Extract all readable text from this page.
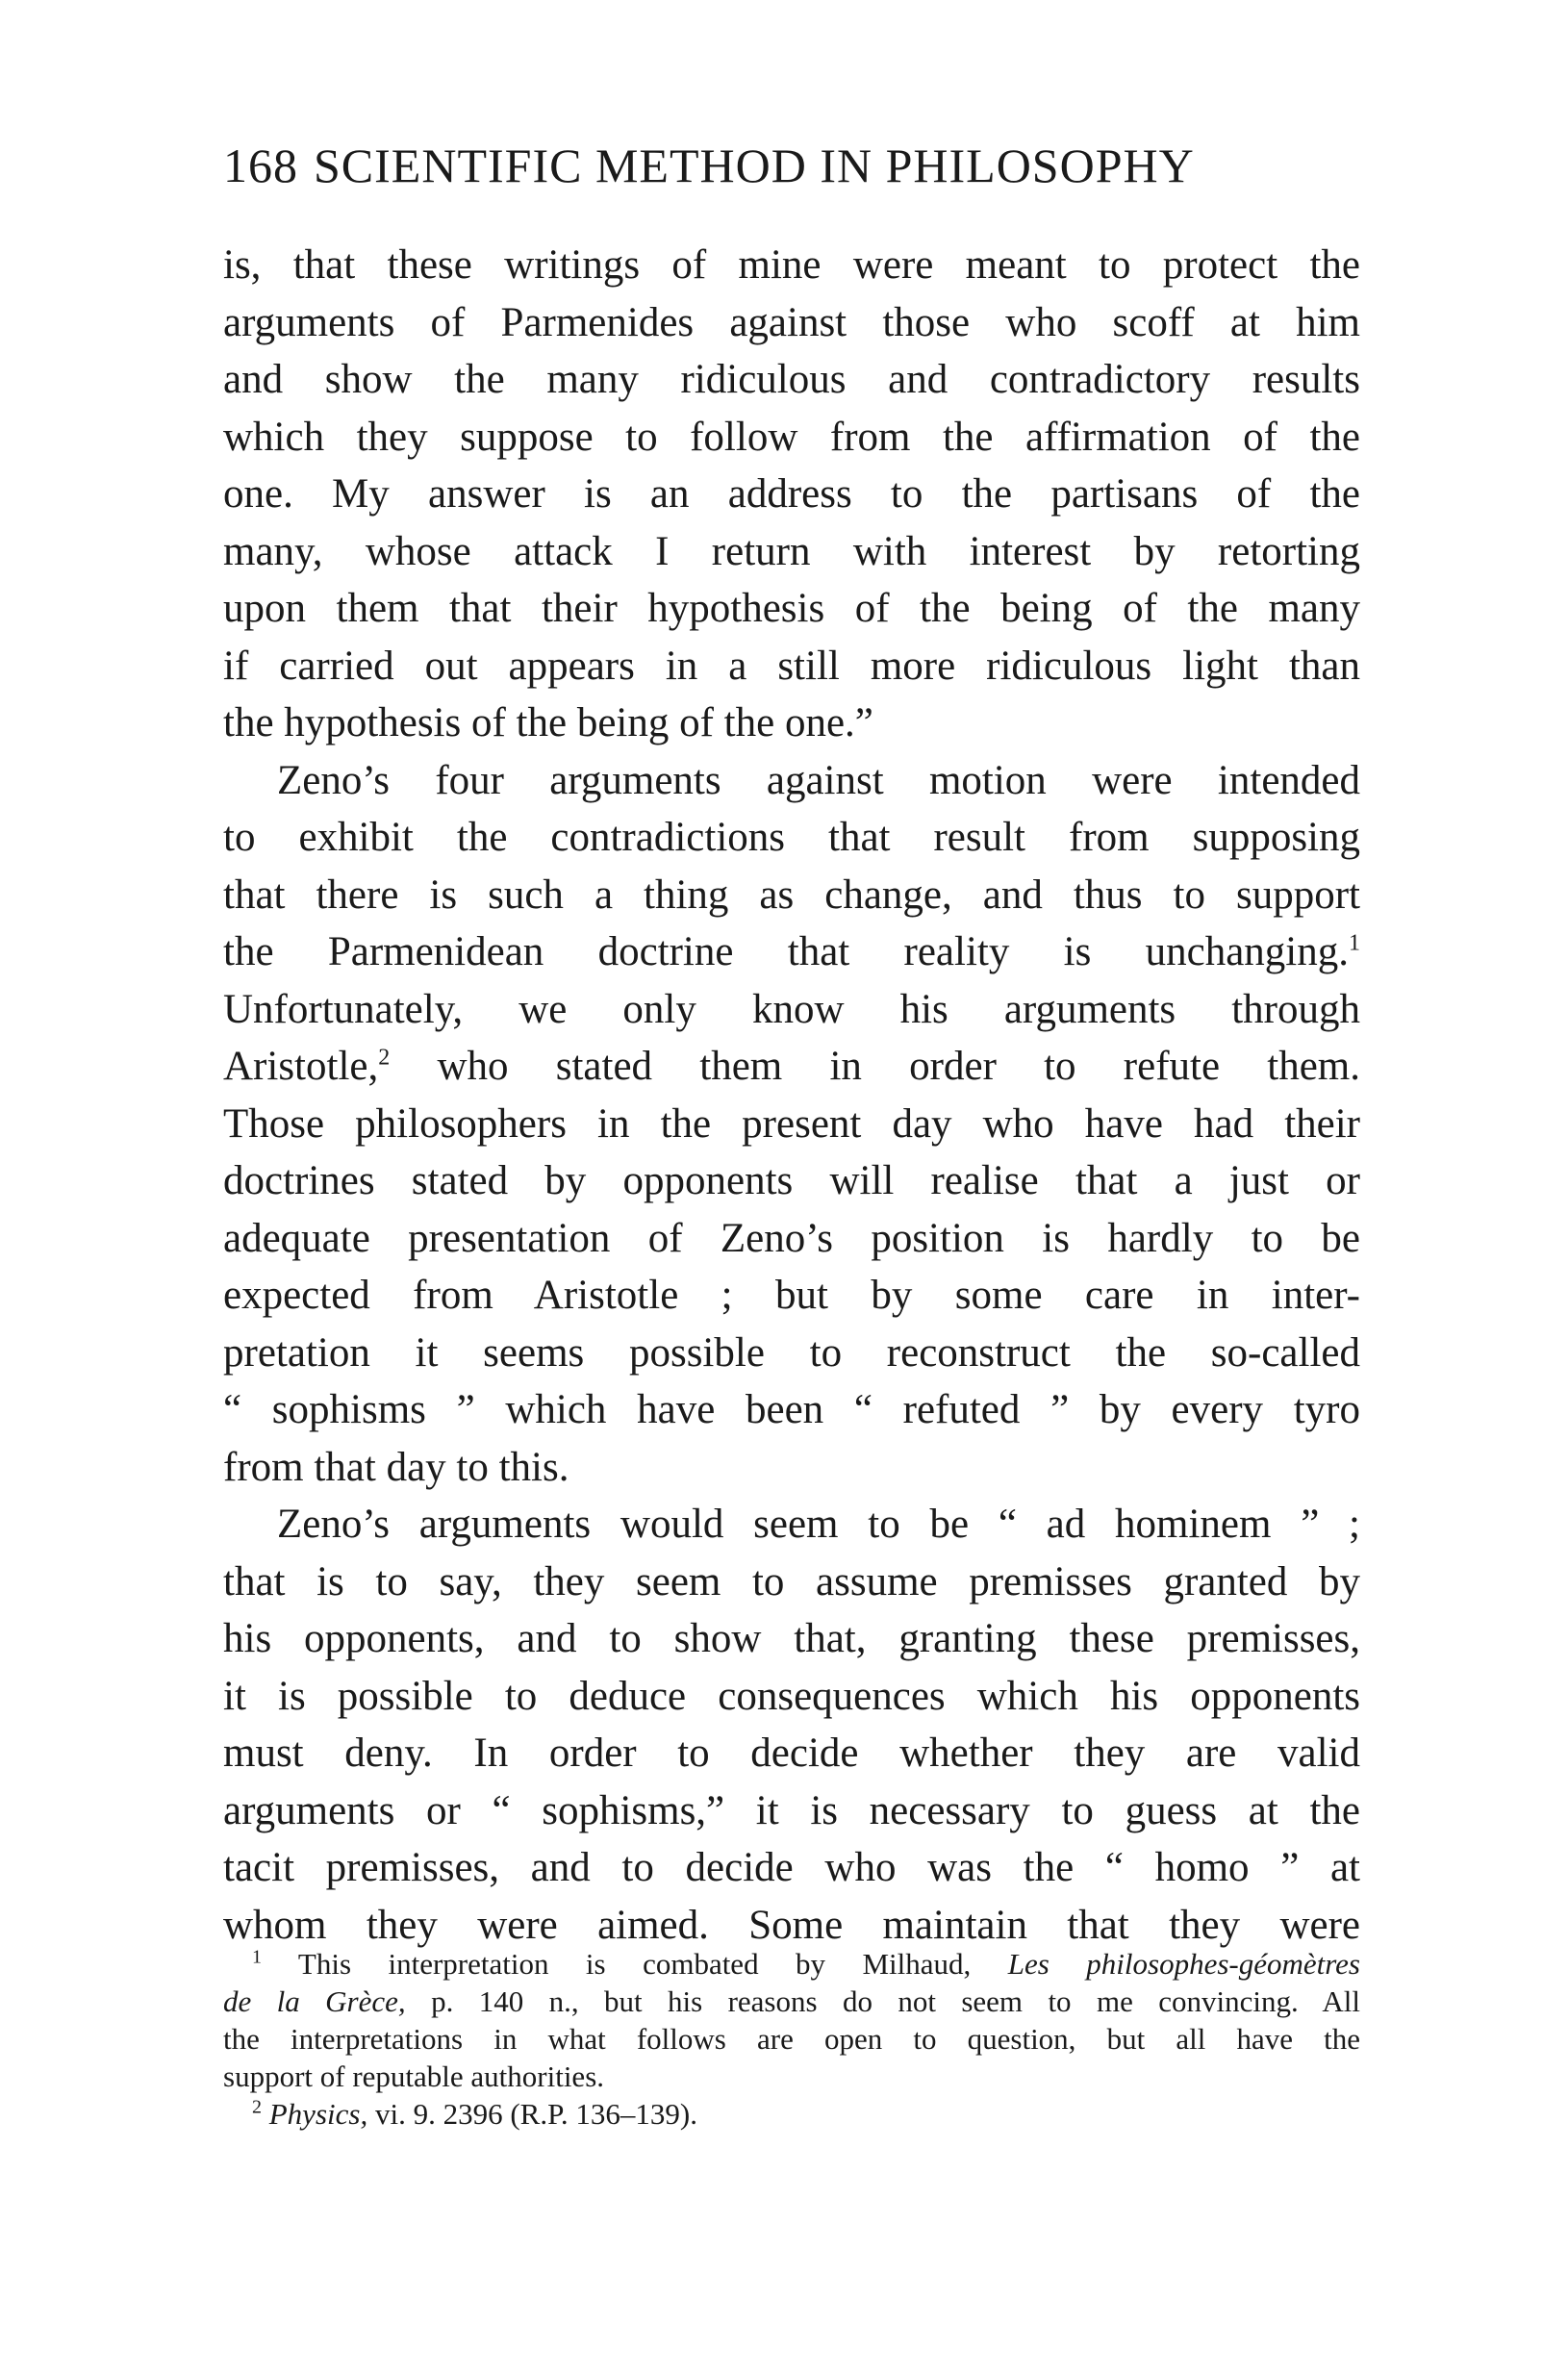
168 SCIENTIFIC METHOD IN PHILOSOPHY
is, that these writings of mine were meant to protect the
arguments of Parmenides against those who scoff at him
and show the many ridiculous and contradictory results
which they suppose to follow from the affirmation of the
one. My answer is an address to the partisans of the
many, whose attack I return with interest by retorting
upon them that their hypothesis of the being of the many
if carried out appears in a still more ridiculous light than
the hypothesis of the being of the one.”
Zeno’s four arguments against motion were intended
to exhibit the contradictions that result from supposing
that there is such a thing as change, and thus to support
the Parmenidean doctrine that reality is unchanging.$^1$
Unfortunately, we only know his arguments through
Aristotle,$^2$ who stated them in order to refute them.
Those philosophers in the present day who have had their
doctrines stated by opponents will realise that a just or
adequate presentation of Zeno’s position is hardly to be
expected from Aristotle ; but by some care in inter-
pretation it seems possible to reconstruct the so-called
“ sophisms ” which have been “ refuted ” by every tyro
from that day to this.
Zeno’s arguments would seem to be “ ad hominem ” ;
that is to say, they seem to assume premisses granted by
his opponents, and to show that, granting these premisses,
it is possible to deduce consequences which his opponents
must deny. In order to decide whether they are valid
arguments or “ sophisms,” it is necessary to guess at the
tacit premisses, and to decide who was the “ homo ” at
whom they were aimed. Some maintain that they were
$^1$ This interpretation is combated by Milhaud, Les philosophes-géomètres
de la Grèce, p. 140 n., but his reasons do not seem to me convincing. All
the interpretations in what follows are open to question, but all have the
support of reputable authorities.
$^2$ Physics, vi. 9. 2396 (R.P. 136–139).
